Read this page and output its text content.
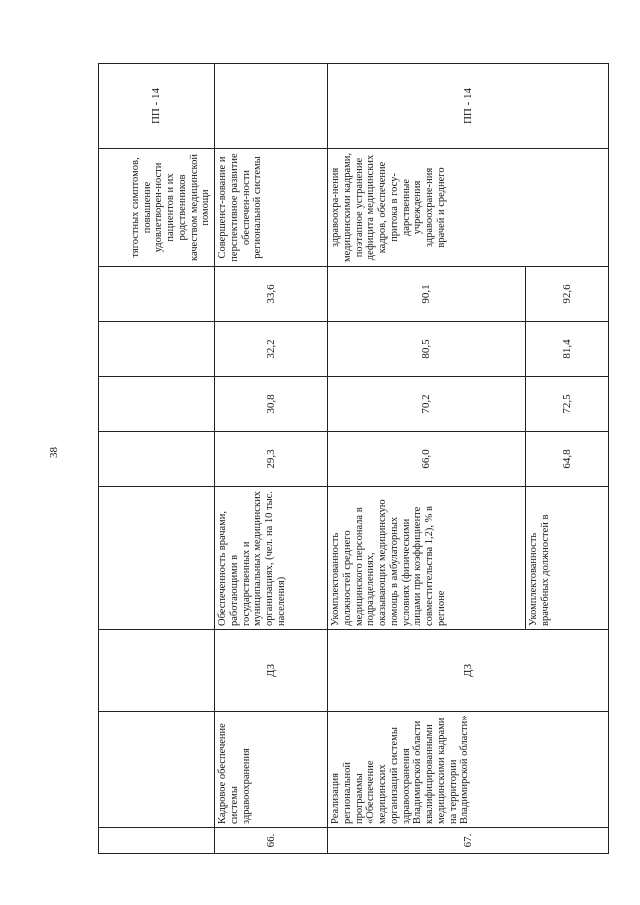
38
								тягостных симптомов, повышение удовлетворен-ности пациентов и их родственников качеством медицинской помощи	ПП - 14
66.	Кадровое обеспечение системы здравоохранения	ДЗ	Обеспеченность врачами, работающими в государственных и муниципальных медицинских организациях, (чел. на 10 тыс. населения)	29,3	30,8	32,2	33,6	Совершенст-вование и перспективное развитие обеспечен-ности региональной системы	
67.	Реализация региональной программы «Обеспечение медицинских организаций системы здравоохранения Владимирской области квалифицированными медицинскими кадрами на территории Владимирской области»	ДЗ	Укомплектованность должностей среднего медицинского персонала в подразделениях, оказывающих медицинскую помощь в амбулаторных условиях (физическими лицами при коэффициенте совместительства 1,2), % в регионе	66,0	70,2	80,5	90,1	здравоохра-нения медицинскими кадрами, поэтапное устранение дефицита медицинских кадров, обеспечение притока в госу-дарственные учреждения здравоохране-ния врачей и среднего	ПП - 14
			Укомплектованность врачебных должностей в	64,8	72,5	81,4	92,6		
